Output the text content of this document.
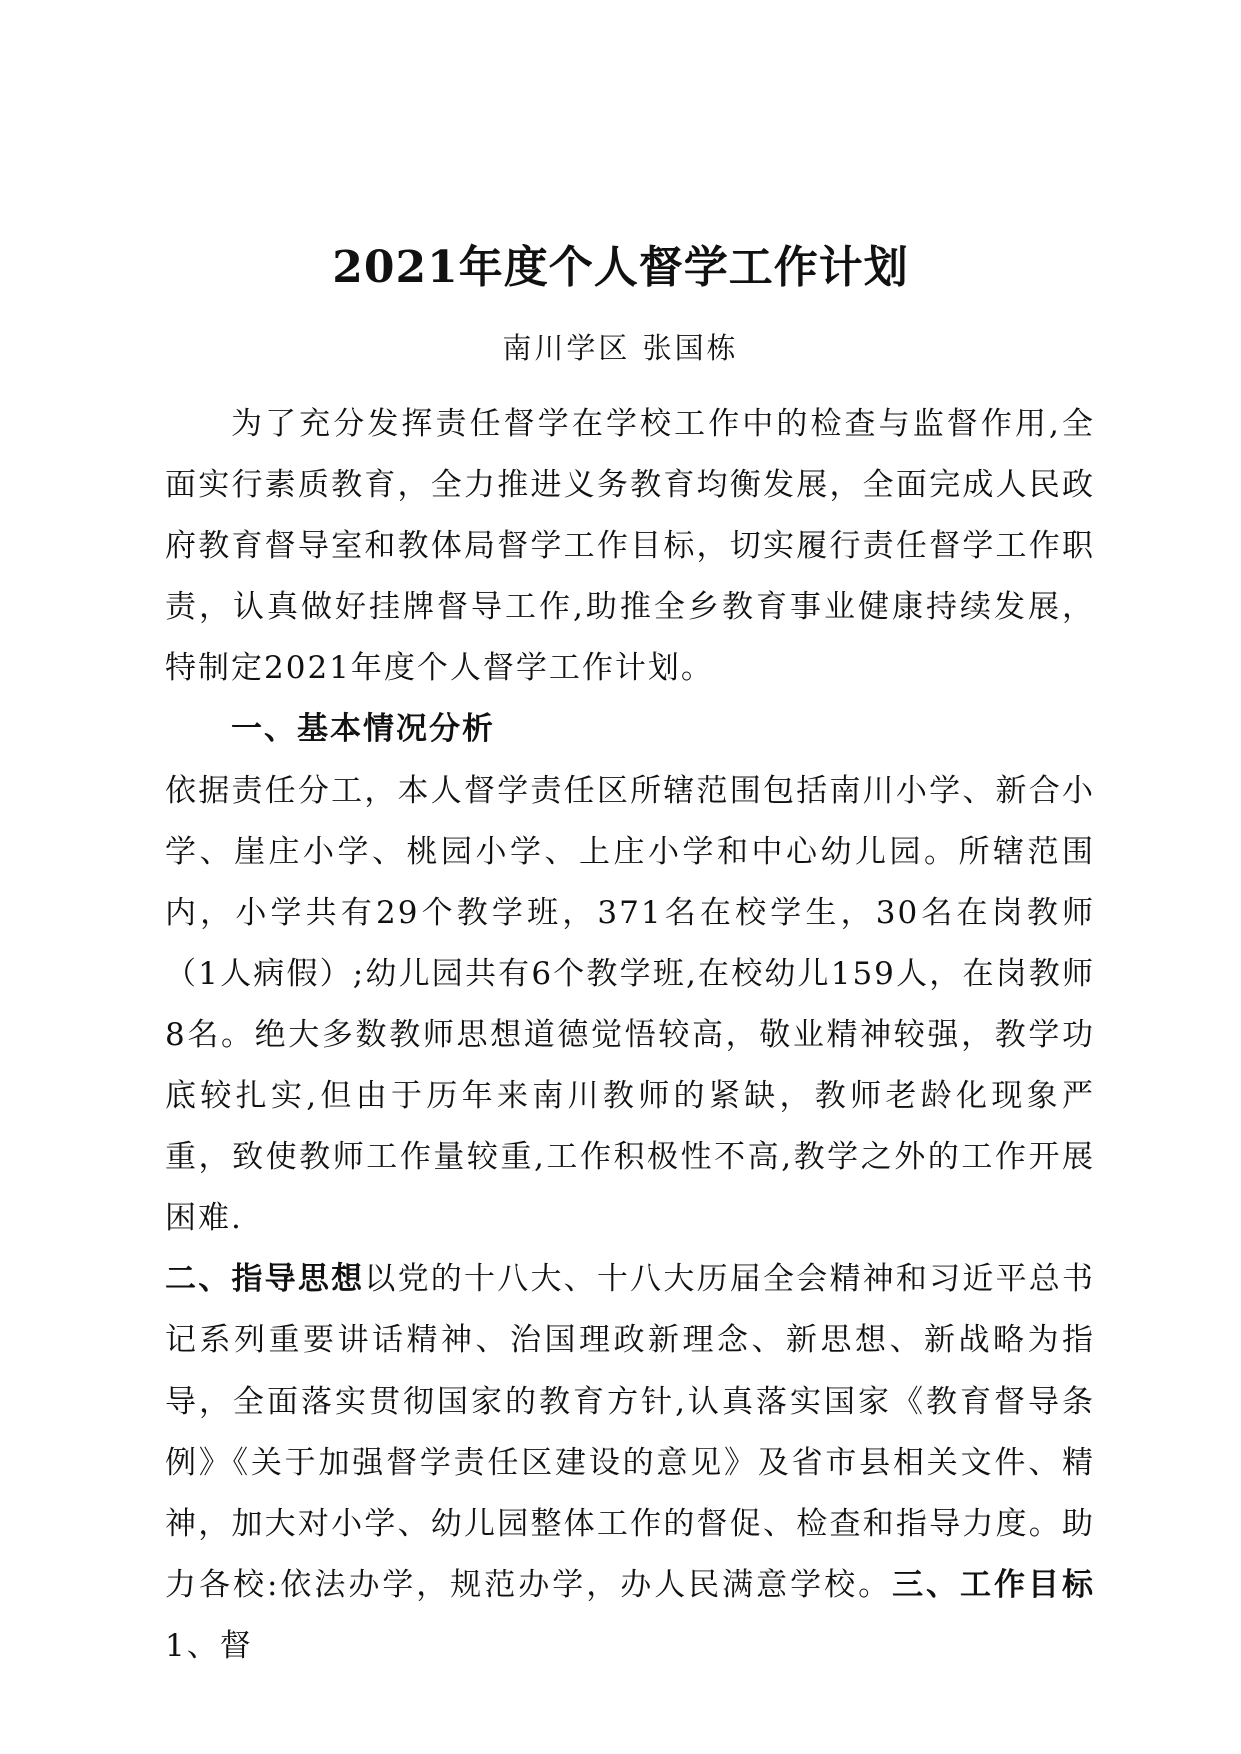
2021年度个人督学工作计划
南川学区 张国栋

为了充分发挥责任督学在学校工作中的检查与监督作用,全面实行素质教育，全力推进义务教育均衡发展，全面完成人民政府教育督导室和教体局督学工作目标，切实履行责任督学工作职责，认真做好挂牌督导工作,助推全乡教育事业健康持续发展，特制定2021年度个人督学工作计划。

一、基本情况分析

依据责任分工，本人督学责任区所辖范围包括南川小学、新合小学、崖庄小学、桃园小学、上庄小学和中心幼儿园。所辖范围内，小学共有29个教学班，371名在校学生，30名在岗教师（1人病假）;幼儿园共有6个教学班,在校幼儿159人，在岗教师8名。绝大多数教师思想道德觉悟较高，敬业精神较强，教学功底较扎实,但由于历年来南川教师的紧缺，教师老龄化现象严重，致使教师工作量较重,工作积极性不高,教学之外的工作开展困难.

二、指导思想以党的十八大、十八大历届全会精神和习近平总书记系列重要讲话精神、治国理政新理念、新思想、新战略为指导，全面落实贯彻国家的教育方针,认真落实国家《教育督导条例》《关于加强督学责任区建设的意见》及省市县相关文件、精神，加大对小学、幼儿园整体工作的督促、检查和指导力度。助力各校:依法办学，规范办学，办人民满意学校。三、工作目标1、督
